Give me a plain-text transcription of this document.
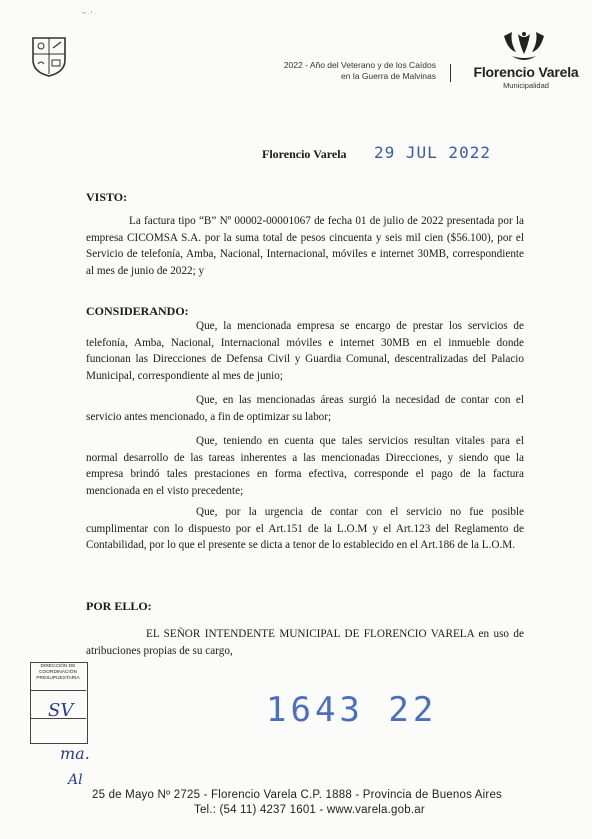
¬ · ʳ ·
2022 - Año del Veterano y de los Caídos
en la Guerra de Malvinas	Florencio Varela
Municipalidad
Florencio Varela 29 JUL 2022
VISTO:
La factura tipo “B” Nº 00002-00001067 de fecha 01 de julio de 2022 presentada por la empresa CICOMSA S.A. por la suma total de pesos cincuenta y seis mil cien ($56.100), por el Servicio de telefonía, Amba, Nacional, Internacional, móviles e internet 30MB, correspondiente al mes de junio de 2022; y
CONSIDERANDO:
Que, la mencionada empresa se encargo de prestar los servicios de telefonía, Amba, Nacional, Internacional móviles e internet 30MB en el inmueble donde funcionan las Direcciones de Defensa Civil y Guardia Comunal, descentralizadas del Palacio Municipal, correspondiente al mes de junio;
Que, en las mencionadas áreas surgió la necesidad de contar con el servicio antes mencionado, a fin de optimizar su labor;
Que, teniendo en cuenta que tales servicios resultan vitales para el normal desarrollo de las tareas inherentes a las mencionadas Direcciones, y siendo que la empresa brindó tales prestaciones en forma efectiva, corresponde el pago de la factura mencionada en el visto precedente;
Que, por la urgencia de contar con el servicio no fue posible cumplimentar con lo dispuesto por el Art.151 de la L.O.M y el Art.123 del Reglamento de Contabilidad, por lo que el presente se dicta a tenor de lo establecido en el Art.186 de la L.O.M.
POR ELLO:
EL SEÑOR INTENDENTE MUNICIPAL DE FLORENCIO VARELA en uso de atribuciones propias de su cargo,
DIRECCIÓN DE COORDINACIÓN PRESUPUESTARIA
SV
ma.
Al
1643 22
25 de Mayo Nº 2725 - Florencio Varela C.P. 1888 - Provincia de Buenos Aires
Tel.: (54 11) 4237 1601 - www.varela.gob.ar
